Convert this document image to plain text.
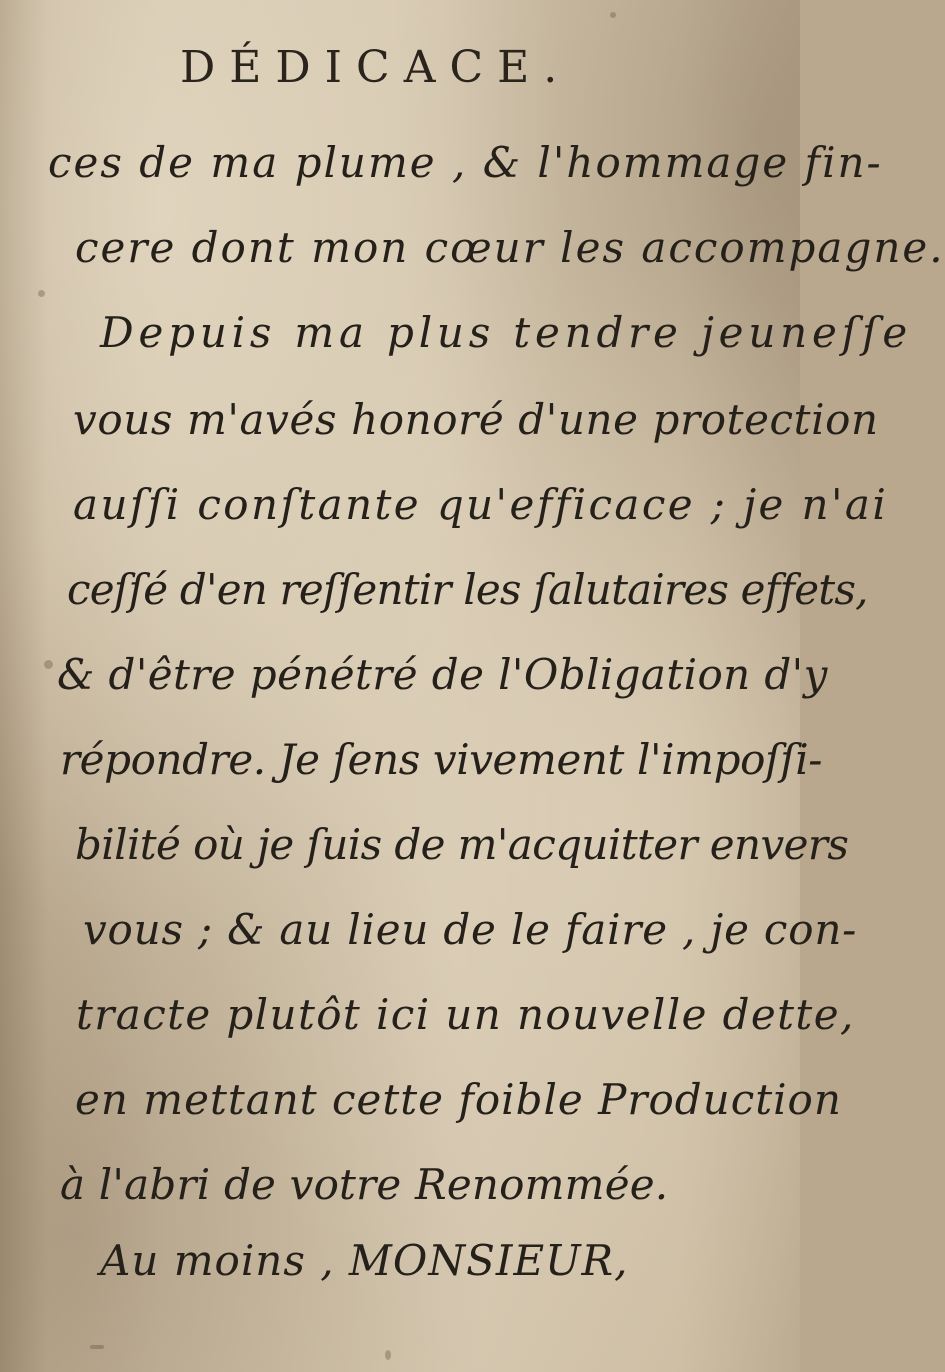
DÉDICACE.
ces de ma plume , & l'hommage fin-
cere dont mon cœur les accompagne.
Depuis ma plus tendre jeuneſſe
vous m'avés honoré d'une protection
auſſi conſtante qu'efficace ; je n'ai
ceſſé d'en reſſentir les ſalutaires effets,
& d'être pénétré de l'Obligation d'y
répondre. Je ſens vivement l'impoſſi-
bilité où je ſuis de m'acquitter envers
vous ; & au lieu de le faire , je con-
tracte plutôt ici un nouvelle dette,
en mettant cette foible Production
à l'abri de votre Renommée.
Au moins , MONSIEUR,
